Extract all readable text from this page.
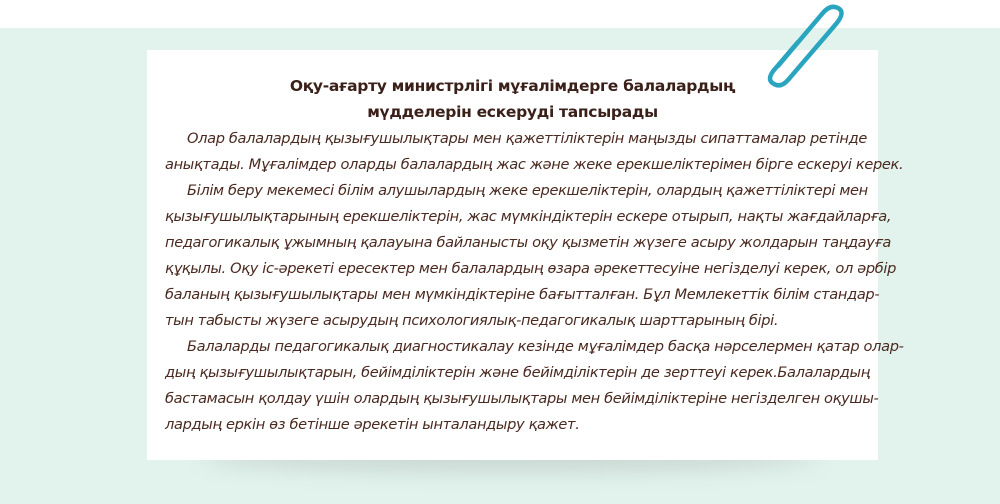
Оқу-ағарту министрлігі мұғалімдерге балалардың
мүдделерін ескеруді тапсырады
Олар балалардың қызығушылықтары мен қажеттіліктерін маңызды сипаттамалар ретінде
анықтады. Мұғалімдер оларды балалардың жас және жеке ерекшеліктерімен бірге ескеруі керек.
Білім беру мекемесі білім алушылардың жеке ерекшеліктерін, олардың қажеттіліктері мен
қызығушылықтарының ерекшеліктерін, жас мүмкіндіктерін ескере отырып, нақты жағдайларға,
педагогикалық ұжымның қалауына байланысты оқу қызметін жүзеге асыру жолдарын таңдауға
құқылы. Оқу іс-әрекеті ересектер мен балалардың өзара әрекеттесуіне негізделуі керек, ол әрбір
баланың қызығушылықтары мен мүмкіндіктеріне бағытталған. Бұл Мемлекеттік білім стандар-
тын табысты жүзеге асырудың психологиялық-педагогикалық шарттарының бірі.
Балаларды педагогикалық диагностикалау кезінде мұғалімдер басқа нәрселермен қатар олар-
дың қызығушылықтарын, бейімділіктерін және бейімділіктерін де зерттеуі керек.Балалардың
бастамасын қолдау үшін олардың қызығушылықтары мен бейімділіктеріне негізделген оқушы-
лардың еркін өз бетінше әрекетін ынталандыру қажет.
